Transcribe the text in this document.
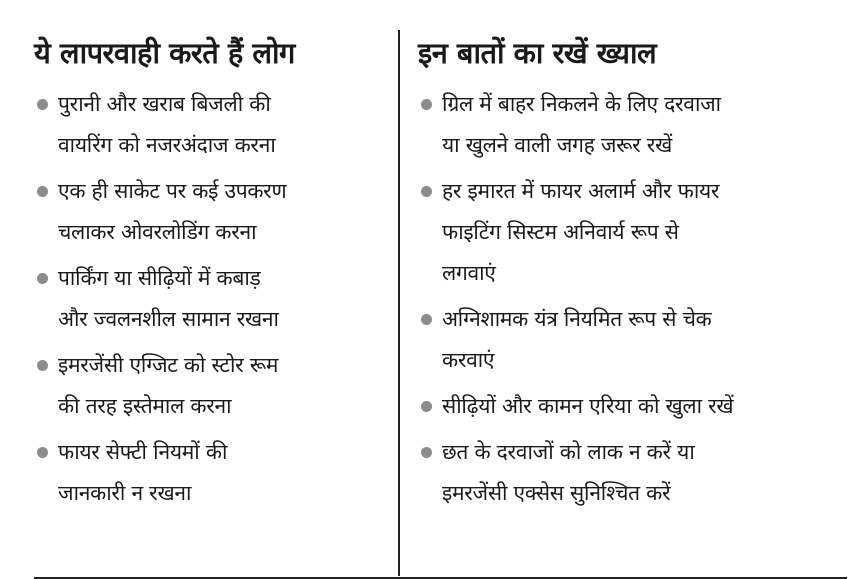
ये लापरवाही करते हैं लोग
पुरानी और खराब बिजली की
वायरिंग को नजरअंदाज करना
एक ही साकेट पर कई उपकरण
चलाकर ओवरलोडिंग करना
पार्किंग या सीढ़ियों में कबाड़
और ज्वलनशील सामान रखना
इमरजेंसी एग्जिट को स्टोर रूम
की तरह इस्तेमाल करना
फायर सेफ्टी नियमों की
जानकारी न रखना
इन बातों का रखें ख्याल
ग्रिल में बाहर निकलने के लिए दरवाजा
या खुलने वाली जगह जरूर रखें
हर इमारत में फायर अलार्म और फायर
फाइटिंग सिस्टम अनिवार्य रूप से
लगवाएं
अग्निशामक यंत्र नियमित रूप से चेक
करवाएं
सीढ़ियों और कामन एरिया को खुला रखें
छत के दरवाजों को लाक न करें या
इमरजेंसी एक्सेस सुनिश्चित करें
